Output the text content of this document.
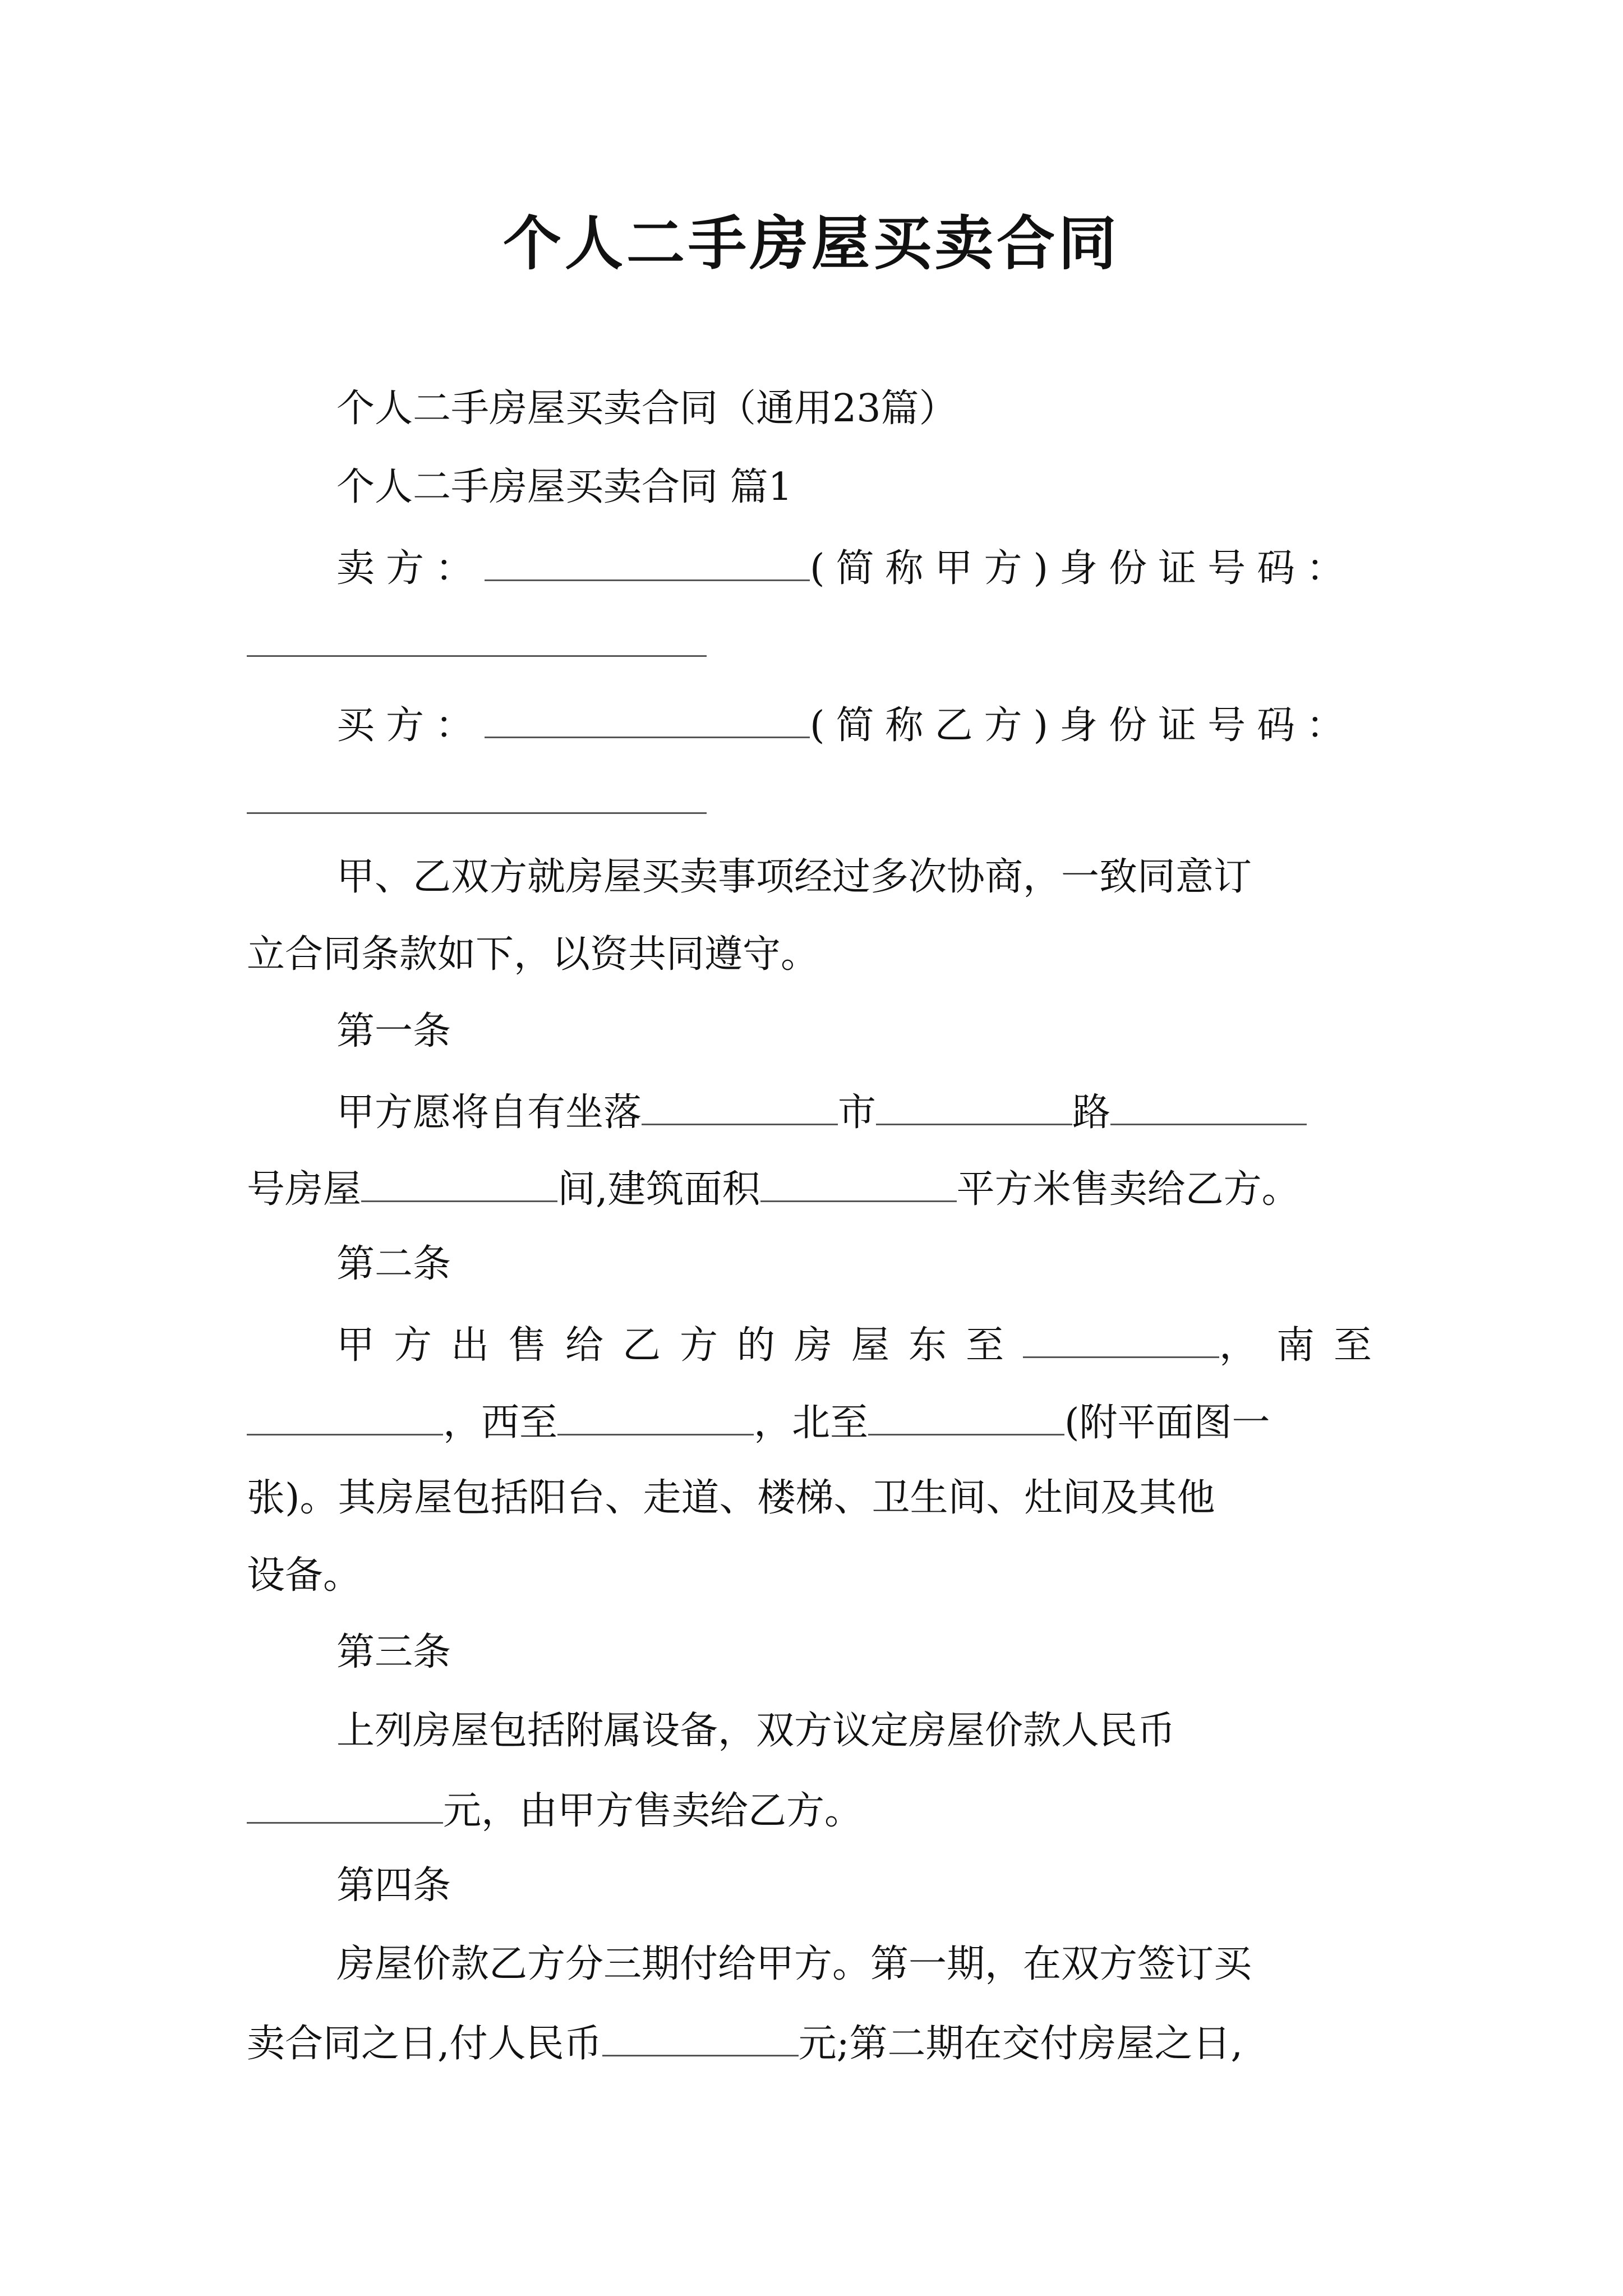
个人二手房屋买卖合同
个人二手房屋买卖合同（通用23篇）
个人二手房屋买卖合同 篇1
卖方：	(简称甲方)身份证号码：
买方：	(简称乙方)身份证号码：
甲、乙双方就房屋买卖事项经过多次协商，一致同意订
立合同条款如下，以资共同遵守。
第一条
甲方愿将自有坐落	市	路
号房屋	间,建筑面积	平方米售卖给乙方。
第二条
甲方出售给乙方的房屋东至	，南至
，西至	，北至	(附平面图一
张)。其房屋包括阳台、走道、楼梯、卫生间、灶间及其他
设备。
第三条
上列房屋包括附属设备，双方议定房屋价款人民币
元，由甲方售卖给乙方。
第四条
房屋价款乙方分三期付给甲方。第一期，在双方签订买
卖合同之日,付人民币	元;第二期在交付房屋之日,
